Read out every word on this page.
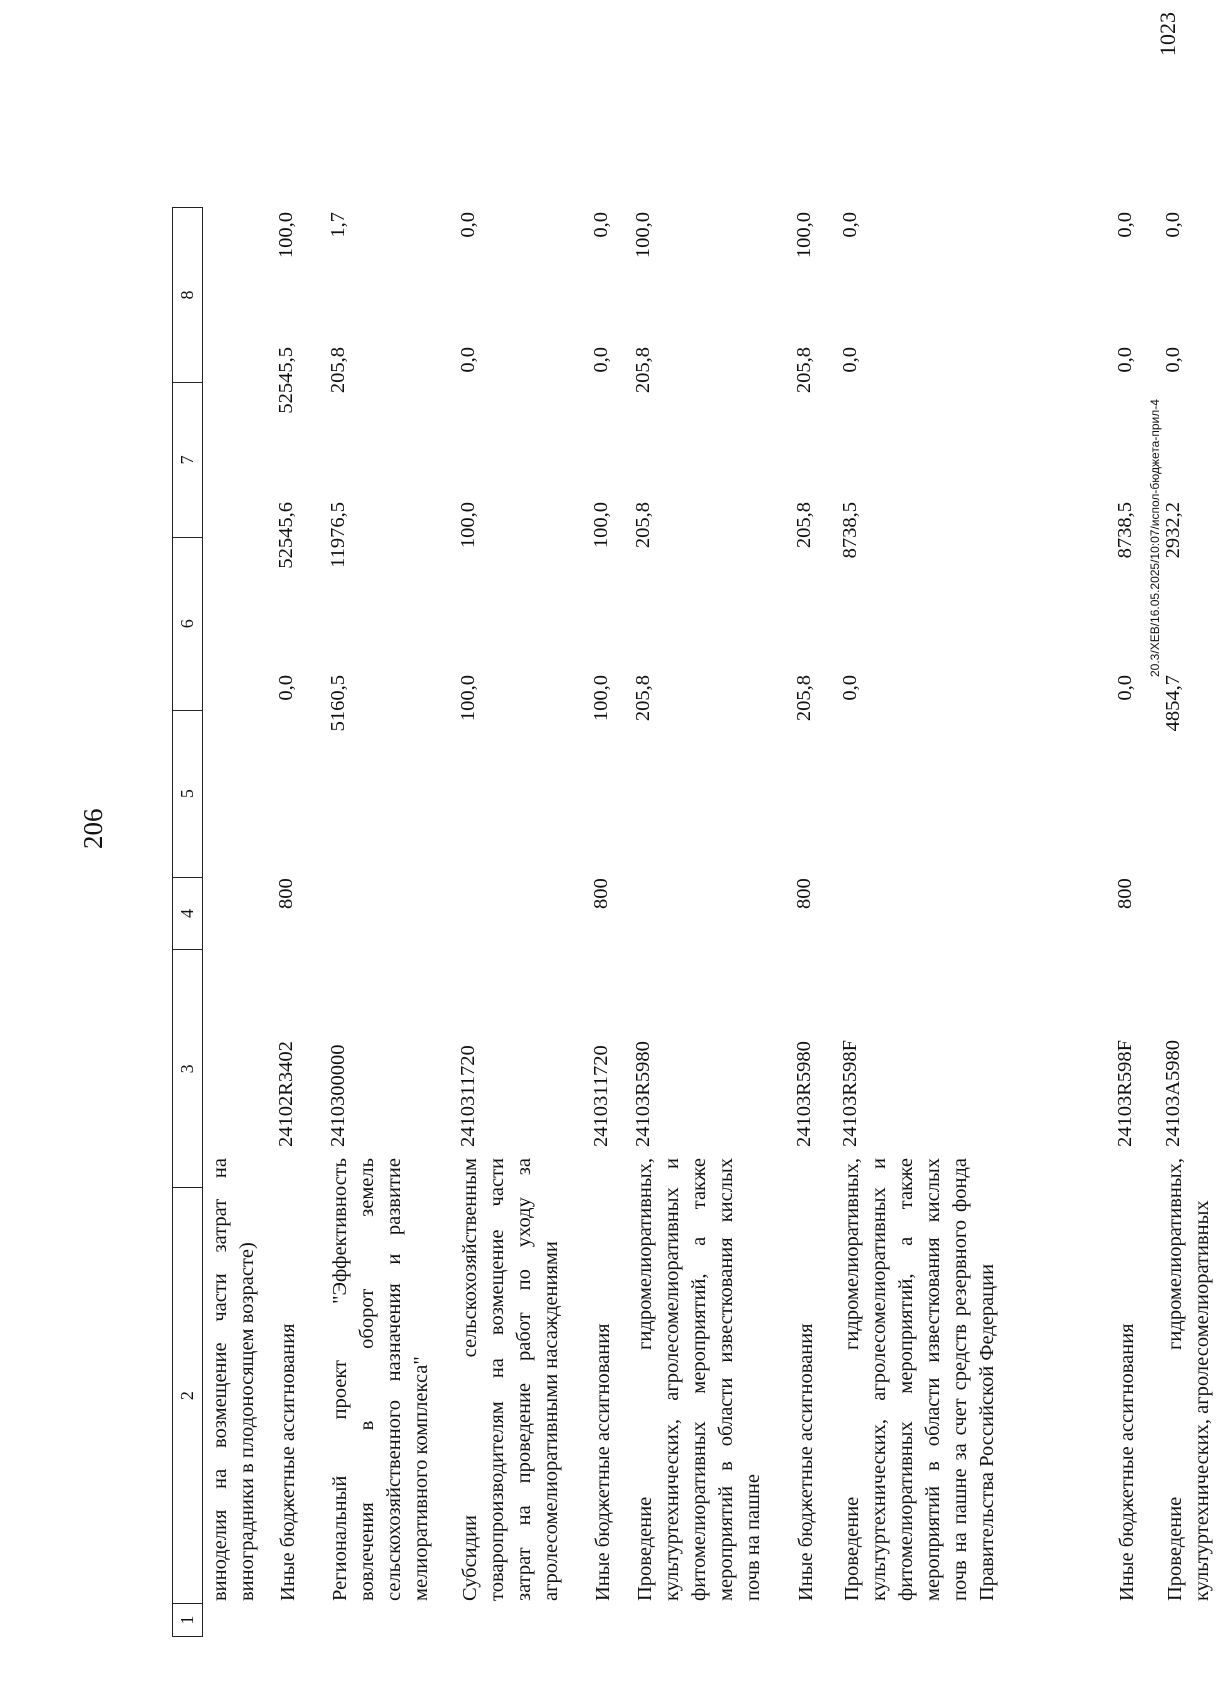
206
1
2
3
4
5
6
7
8
виноделия на возмещение части затрат на виноградники в плодоносящем возрасте) Иные бюджетные ассигнования
24102R3402
800
0,0
52545,6
52545,5
100,0
Региональный проект "Эффективность вовлечения в оборот земель сельскохозяйственного назначения и развитие мелиоративного комплекса"
2410300000
5160,5
11976,5
205,8
1,7
Субсидии сельскохозяйственным товаропроизводителям на возмещение части затрат на проведение работ по уходу за агролесомелиоративными насаждениями
2410311720
100,0
100,0
0,0
0,0
Иные бюджетные ассигнования
2410311720
800
100,0
100,0
0,0
0,0
Проведение гидромелиоративных, культуртехнических, агролесомелиоративных и фитомелиоративных мероприятий, а также мероприятий в области известкования кислых почв на пашне
24103R5980
205,8
205,8
205,8
100,0
Иные бюджетные ассигнования
24103R5980
800
205,8
205,8
205,8
100,0
Проведение гидромелиоративных, культуртехнических, агролесомелиоративных и фитомелиоративных мероприятий, а также мероприятий в области известкования кислых почв на пашне за счет средств резервного фонда Правительства Российской Федерации
24103R598F
0,0
8738,5
0,0
0,0
Иные бюджетные ассигнования
24103R598F
800
0,0
8738,5
0,0
0,0
Проведение гидромелиоративных, культуртехнических, агролесомелиоративных
24103A5980
4854,7
2932,2
0,0
0,0
20.3/ХЕВ/16.05.2025/10:07/испол-бюджета-прил-4
1023
